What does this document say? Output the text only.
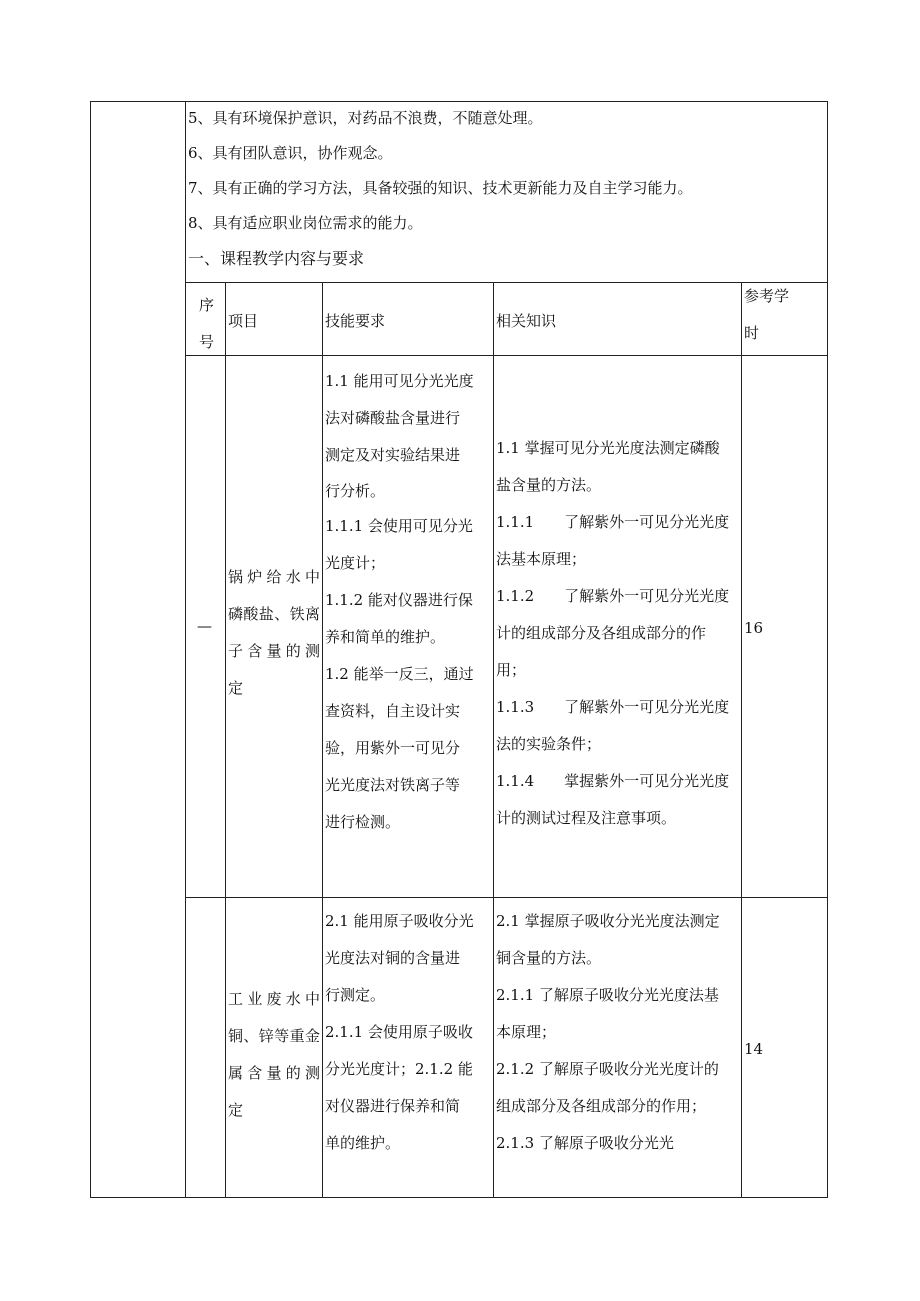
5、具有环境保护意识，对药品不浪费，不随意处理。
6、具有团队意识，协作观念。
7、具有正确的学习方法，具备较强的知识、技术更新能力及自主学习能力。
8、具有适应职业岗位需求的能力。
一、课程教学内容与要求
序
号
项目	技能要求	相关知识
参考学
时
—
锅炉给水中
磷酸盐、铁离
子含量的测
定
1.1 能用可见分光光度
法对磷酸盐含量进行
测定及对实验结果进
行分析。
1.1.1 会使用可见分光
光度计；
1.1.2 能对仪器进行保
养和简单的维护。
1.2 能举一反三，通过
查资料，自主设计实
验，用紫外一可见分
光光度法对铁离子等
进行检测。
1.1 掌握可见分光光度法测定磷酸
盐含量的方法。
1.1.1　　了解紫外一可见分光光度
法基本原理；
1.1.2　　了解紫外一可见分光光度
计的组成部分及各组成部分的作
用；
1.1.3　　了解紫外一可见分光光度
法的实验条件；
1.1.4　　掌握紫外一可见分光光度
计的测试过程及注意事项。
16
工业废水中
铜、锌等重金
属含量的测
定
2.1 能用原子吸收分光
光度法对铜的含量进
行测定。
2.1.1 会使用原子吸收
分光光度计；2.1.2 能
对仪器进行保养和简
单的维护。
2.1 掌握原子吸收分光光度法测定
铜含量的方法。
2.1.1 了解原子吸收分光光度法基
本原理；
2.1.2 了解原子吸收分光光度计的
组成部分及各组成部分的作用；
2.1.3 了解原子吸收分光光
14
